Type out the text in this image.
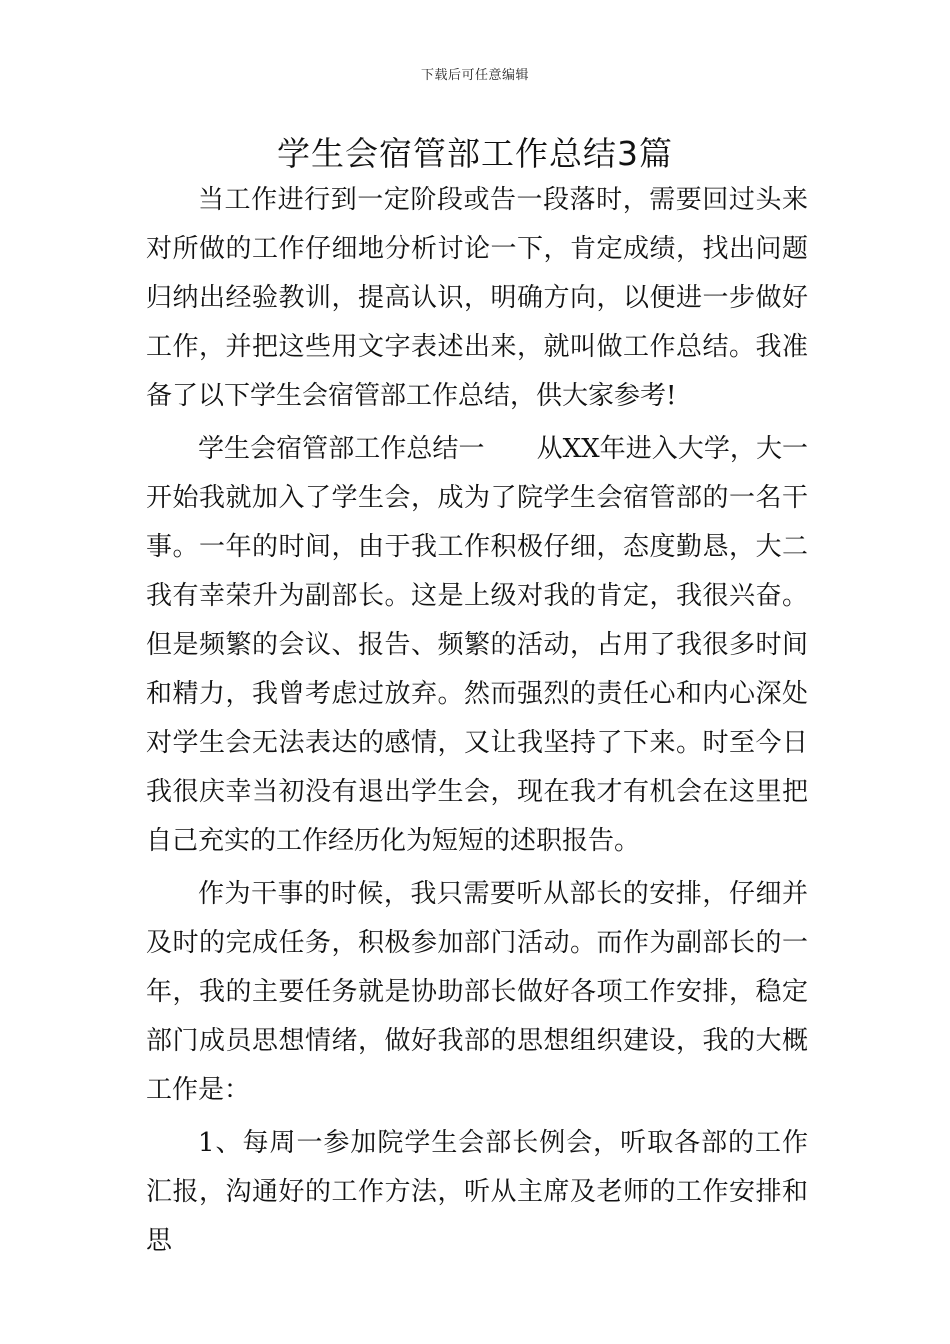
下载后可任意编辑
学生会宿管部工作总结3篇

当工作进行到一定阶段或告一段落时，需要回过头来对所做的工作仔细地分析讨论一下，肯定成绩，找出问题归纳出经验教训，提高认识，明确方向，以便进一步做好工作，并把这些用文字表述出来，就叫做工作总结。我准备了以下学生会宿管部工作总结，供大家参考!

学生会宿管部工作总结一　　从XX年进入大学，大一开始我就加入了学生会，成为了院学生会宿管部的一名干事。一年的时间，由于我工作积极仔细，态度勤恳，大二我有幸荣升为副部长。这是上级对我的肯定，我很兴奋。但是频繁的会议、报告、频繁的活动，占用了我很多时间和精力，我曾考虑过放弃。然而强烈的责任心和内心深处对学生会无法表达的感情，又让我坚持了下来。时至今日我很庆幸当初没有退出学生会，现在我才有机会在这里把自己充实的工作经历化为短短的述职报告。

作为干事的时候，我只需要听从部长的安排，仔细并及时的完成任务，积极参加部门活动。而作为副部长的一年，我的主要任务就是协助部长做好各项工作安排，稳定部门成员思想情绪，做好我部的思想组织建设，我的大概工作是：

1、每周一参加院学生会部长例会，听取各部的工作汇报，沟通好的工作方法，听从主席及老师的工作安排和思
